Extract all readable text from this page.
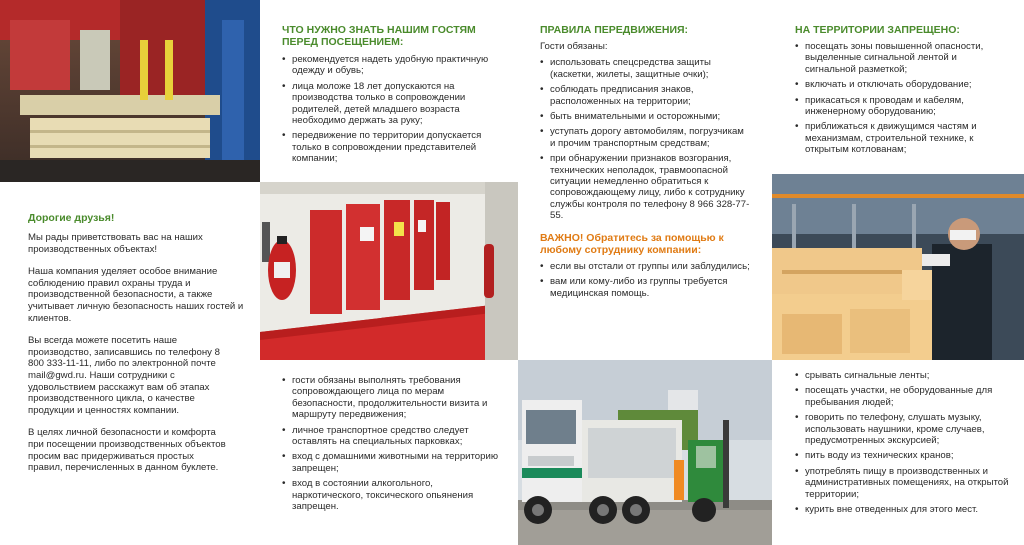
Дорогие друзья!

Мы рады приветствовать вас на наших производственных объектах!

Наша компания уделяет особое внимание соблюдению правил охраны труда и производственной безопасности, а также учитывает личную безопасность наших гостей и клиентов.

Вы всегда можете посетить наше производство, записавшись по телефону 8 800 333-11-11, либо по электронной почте mail@gwd.ru. Наши сотрудники с удовольствием расскажут вам об этапах производственного цикла, о качестве продукции и ценностях компании.

В целях личной безопасности и комфорта при посещении производственных объектов просим вас придерживаться простых правил, перечисленных в данном буклете.

ЧТО НУЖНО ЗНАТЬ НАШИМ ГОСТЯМ ПЕРЕД ПОСЕЩЕНИЕМ:
• рекомендуется надеть удобную практичную одежду и обувь;
• лица моложе 18 лет допускаются на производства только в сопровождении родителей, детей младшего возраста необходимо держать за руку;
• передвижение по территории допускается только в сопровождении представителей компании;
• гости обязаны выполнять требования сопровождающего лица по мерам безопасности, продолжительности визита и маршруту передвижения;
• личное транспортное средство следует оставлять на специальных парковках;
• вход с домашними животными на территорию запрещен;
• вход в состоянии алкогольного, наркотического, токсического опьянения запрещен.
ПРАВИЛА ПЕРЕДВИЖЕНИЯ:

Гости обязаны:

• использовать спецсредства защиты (каскетки, жилеты, защитные очки);
• соблюдать предписания знаков, расположенных на территории;
• быть внимательными и осторожными;
• уступать дорогу автомобилям, погрузчикам и прочим транспортным средствам;
• при обнаружении признаков возгорания, технических неполадок, травмоопасной ситуации немедленно обратиться к сопровождающему лицу, либо к сотруднику службы контроля по телефону 8 966 328-77-55.
ВАЖНО! Обратитесь за помощью к любому сотруднику компании:
• если вы отстали от группы или заблудились;
• вам или кому-либо из группы требуется медицинская помощь.
НА ТЕРРИТОРИИ ЗАПРЕЩЕНО:
• посещать зоны повышенной опасности, выделенные сигнальной лентой и сигнальной разметкой;
• включать и отключать оборудование;
• прикасаться к проводам и кабелям, инженерному оборудованию;
• приближаться к движущимся частям и механизмам, строительной технике, к открытым котлованам;
• срывать сигнальные ленты;
• посещать участки, не оборудованные для пребывания людей;
• говорить по телефону, слушать музыку, использовать наушники, кроме случаев, предусмотренных экскурсией;
• пить воду из технических кранов;
• употреблять пищу в производственных и административных помещениях, на открытой территории;
• курить вне отведенных для этого мест.
